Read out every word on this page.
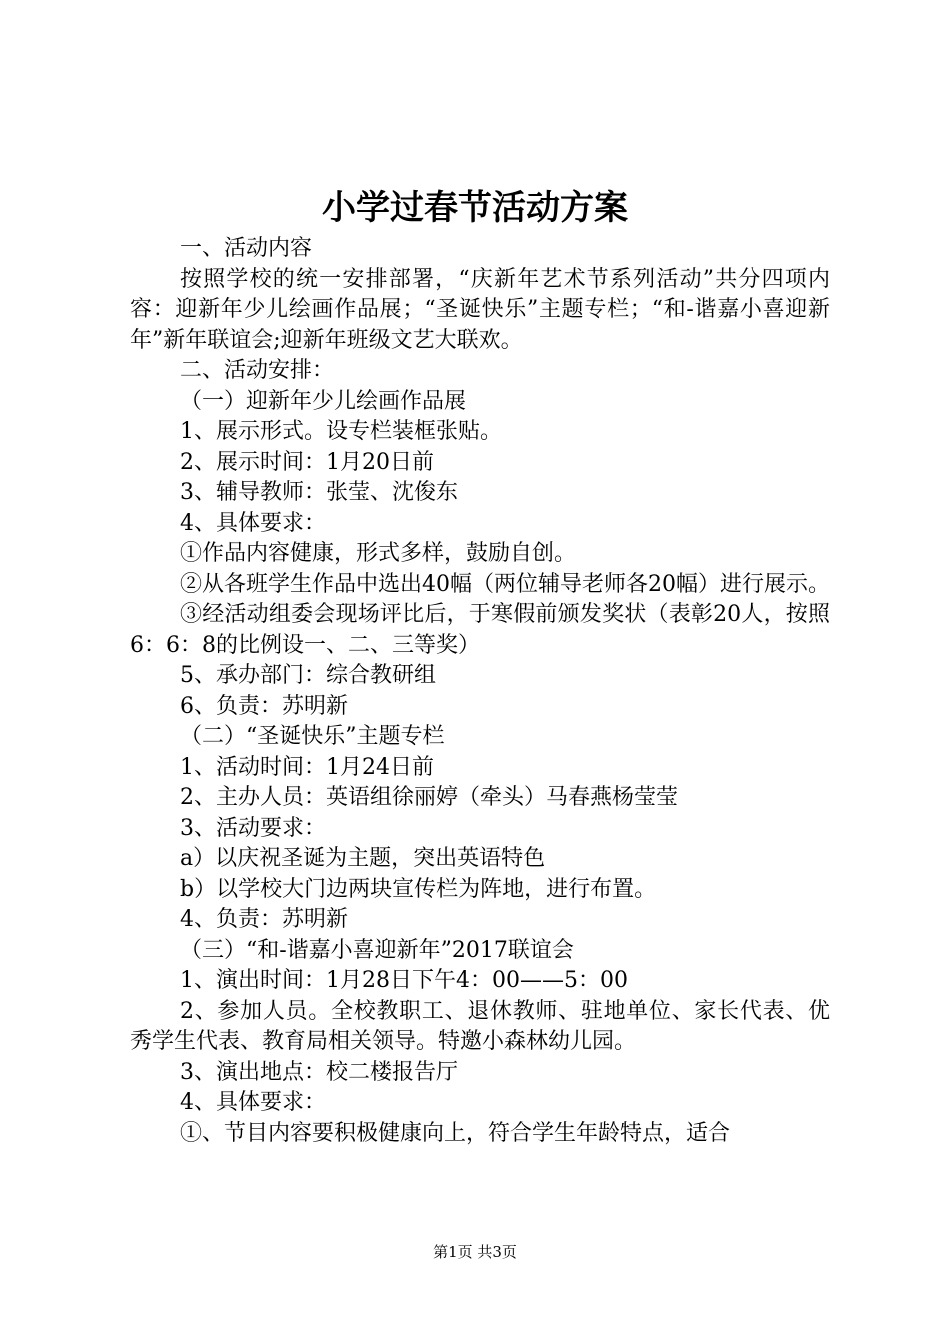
小学过春节活动方案

一、活动内容

按照学校的统一安排部署，“庆新年艺术节系列活动”共分四项内容：迎新年少儿绘画作品展；“圣诞快乐”主题专栏；“和-谐嘉小喜迎新年”新年联谊会;迎新年班级文艺大联欢。

二、活动安排：

（一）迎新年少儿绘画作品展

1、展示形式。设专栏装框张贴。

2、展示时间：1月20日前

3、辅导教师：张莹、沈俊东

4、具体要求：

①作品内容健康，形式多样，鼓励自创。

②从各班学生作品中选出40幅（两位辅导老师各20幅）进行展示。

③经活动组委会现场评比后，于寒假前颁发奖状（表彰20人，按照6：6：8的比例设一、二、三等奖）

5、承办部门：综合教研组

6、负责：苏明新

（二）“圣诞快乐”主题专栏

1、活动时间：1月24日前

2、主办人员：英语组徐丽婷（牵头）马春燕杨莹莹

3、活动要求：

a）以庆祝圣诞为主题，突出英语特色

b）以学校大门边两块宣传栏为阵地，进行布置。

4、负责：苏明新

（三）“和-谐嘉小喜迎新年”2017联谊会

1、演出时间：1月28日下午4：00——5：00

2、参加人员。全校教职工、退休教师、驻地单位、家长代表、优秀学生代表、教育局相关领导。特邀小森林幼儿园。

3、演出地点：校二楼报告厅

4、具体要求：

①、节目内容要积极健康向上，符合学生年龄特点，适合

第1页 共3页
